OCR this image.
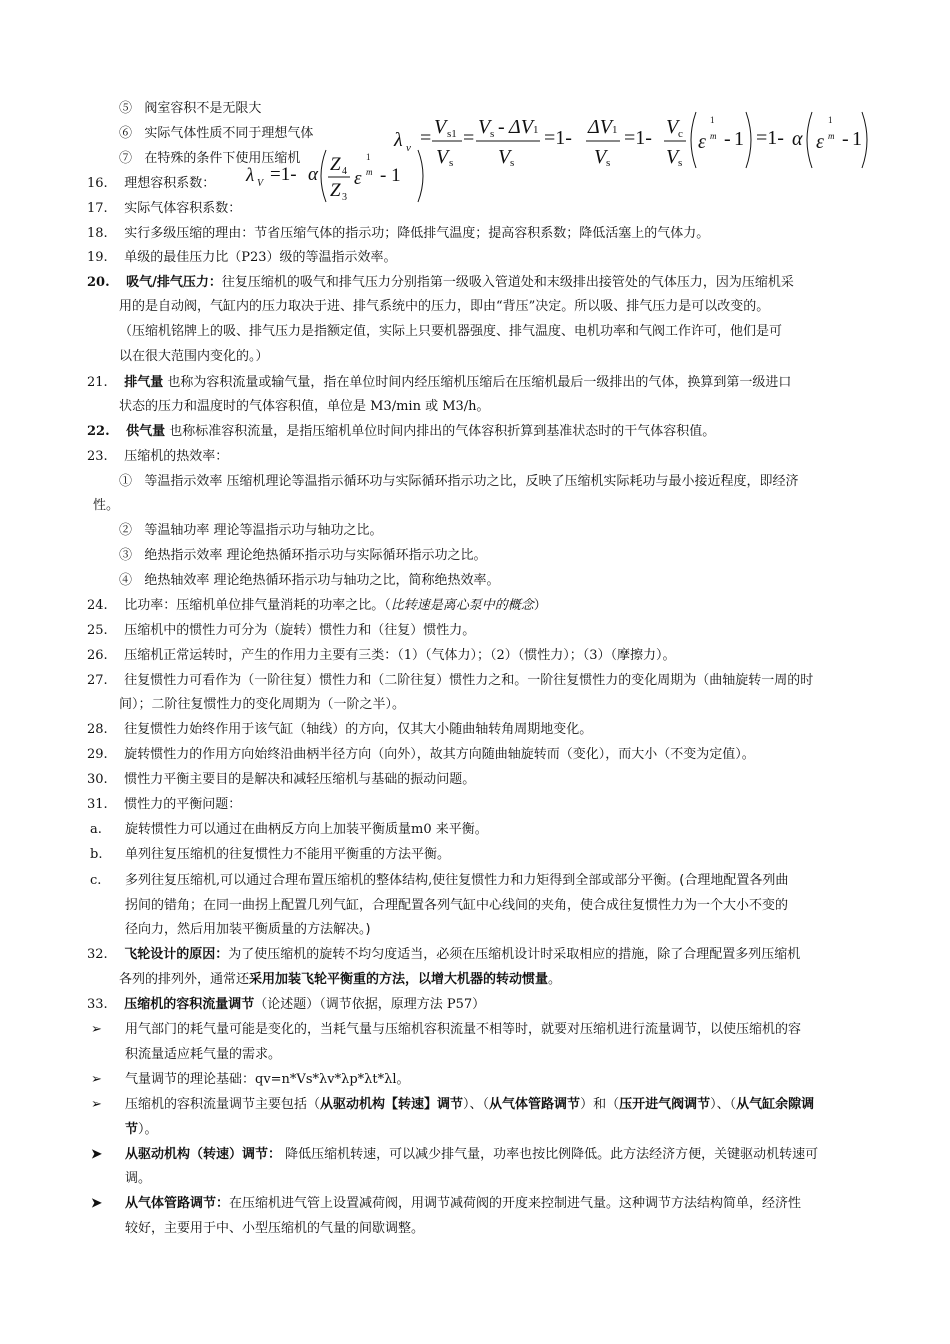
⑤ 阀室容积不是无限大
⑥ 实际气体性质不同于理想气体
⑦ 在特殊的条件下使用压缩机
λ v = V s1
V s
= V s - ΔV 1
V s
=1- ΔV 1
V s
=1- V c
V s
ε
1
m - 1 =1- α ε
1
m - 1
16. 理想容积系数： λ V =1- α Z 4
Z 3
ε
1
m - 1
17. 实际气体容积系数：
18. 实行多级压缩的理由：节省压缩气体的指示功；降低排气温度；提高容积系数；降低活塞上的气体力。
19. 单级的最佳压力比（P23）级的等温指示效率。
20. 吸气/排气压力：往复压缩机的吸气和排气压力分别指第一级吸入管道处和末级排出接管处的气体压力，因为压缩机采
用的是自动阀，气缸内的压力取决于进、排气系统中的压力，即由“背压”决定。所以吸、排气压力是可以改变的。
（压缩机铭牌上的吸、排气压力是指额定值，实际上只要机器强度、排气温度、电机功率和气阀工作许可，他们是可
以在很大范围内变化的。）
21. 排气量 也称为容积流量或输气量，指在单位时间内经压缩机压缩后在压缩机最后一级排出的气体，换算到第一级进口
状态的压力和温度时的气体容积值，单位是 M3/min 或 M3/h。
22. 供气量 也称标准容积流量，是指压缩机单位时间内排出的气体容积折算到基准状态时的干气体容积值。
23. 压缩机的热效率：
① 等温指示效率 压缩机理论等温指示循环功与实际循环指示功之比，反映了压缩机实际耗功与最小接近程度，即经济
性。
② 等温轴功率 理论等温指示功与轴功之比。
③ 绝热指示效率 理论绝热循环指示功与实际循环指示功之比。
④ 绝热轴效率 理论绝热循环指示功与轴功之比，简称绝热效率。
24. 比功率：压缩机单位排气量消耗的功率之比。（比转速是离心泵中的概念）
25. 压缩机中的惯性力可分为（旋转）惯性力和（往复）惯性力。
26. 压缩机正常运转时，产生的作用力主要有三类：（1）（气体力）；（2）（惯性力）；（3）（摩擦力）。
27. 往复惯性力可看作为（一阶往复）惯性力和（二阶往复）惯性力之和。一阶往复惯性力的变化周期为（曲轴旋转一周的时
间）；二阶往复惯性力的变化周期为（一阶之半）。
28. 往复惯性力始终作用于该气缸（轴线）的方向，仅其大小随曲轴转角周期地变化。
29. 旋转惯性力的作用方向始终沿曲柄半径方向（向外），故其方向随曲轴旋转而（变化），而大小（不变为定值）。
30. 惯性力平衡主要目的是解决和减轻压缩机与基础的振动问题。
31. 惯性力的平衡问题：
a. 旋转惯性力可以通过在曲柄反方向上加装平衡质量m0 来平衡。
b. 单列往复压缩机的往复惯性力不能用平衡重的方法平衡。
c. 多列往复压缩机,可以通过合理布置压缩机的整体结构,使往复惯性力和力矩得到全部或部分平衡。(合理地配置各列曲
拐间的错角；在同一曲拐上配置几列气缸，合理配置各列气缸中心线间的夹角，使合成往复惯性力为一个大小不变的
径向力，然后用加装平衡质量的方法解决。)
32. 飞轮设计的原因：为了使压缩机的旋转不均匀度适当，必须在压缩机设计时采取相应的措施，除了合理配置多列压缩机
各列的排列外，通常还采用加装飞轮平衡重的方法，以增大机器的转动惯量。
33. 压缩机的容积流量调节（论述题）（调节依据，原理方法 P57）
➢ 用气部门的耗气量可能是变化的，当耗气量与压缩机容积流量不相等时，就要对压缩机进行流量调节，以使压缩机的容
积流量适应耗气量的需求。
➢ 气量调节的理论基础：qv=n*Vs*λv*λp*λt*λl。
➢ 压缩机的容积流量调节主要包括（从驱动机构【转速】调节）、（从气体管路调节）和（压开进气阀调节）、（从气缸余隙调
节）。
➤ 从驱动机构（转速）调节： 降低压缩机转速，可以减少排气量，功率也按比例降低。此方法经济方便，关键驱动机转速可
调。
➤ 从气体管路调节：在压缩机进气管上设置减荷阀，用调节减荷阀的开度来控制进气量。这种调节方法结构简单，经济性
较好，主要用于中、小型压缩机的气量的间歇调整。
